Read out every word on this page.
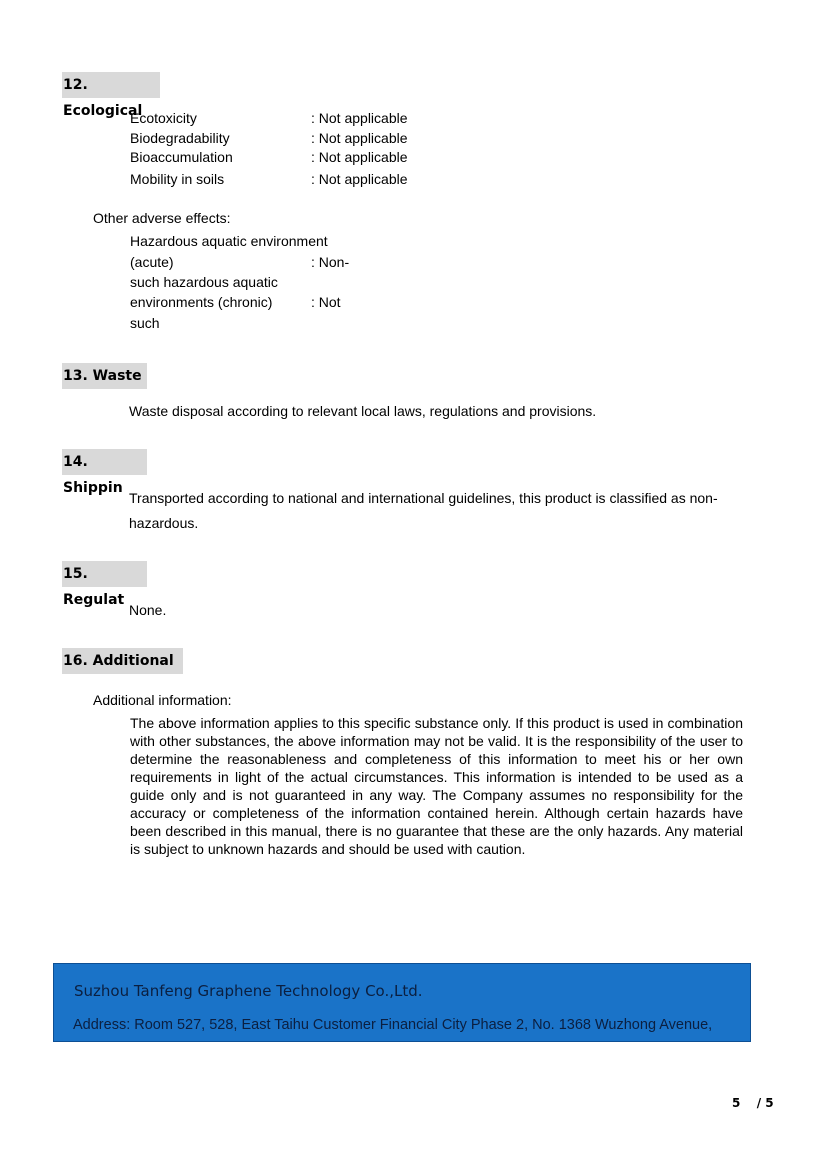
12. Ecological
Ecotoxicity	: Not applicable
Biodegradability	: Not applicable
Bioaccumulation	: Not applicable
Mobility in soils	: Not applicable
Other adverse effects:
Hazardous aquatic environment
(acute)	: Non-
such hazardous aquatic
environments (chronic)	: Not
such
13. Waste
Waste disposal according to relevant local laws, regulations and provisions.
14. Shippin
Transported according to national and international guidelines, this product is classified as non-
hazardous.
15. Regulat
None.
16. Additional
Additional information:
The above information applies to this specific substance only. If this product is used in combination with other substances, the above information may not be valid. It is the responsibility of the user to determine the reasonableness and completeness of this information to meet his or her own requirements in light of the actual circumstances. This information is intended to be used as a guide only and is not guaranteed in any way. The Company assumes no responsibility for the accuracy or completeness of the information contained herein. Although certain hazards have been described in this manual, there is no guarantee that these are the only hazards. Any material is subject to unknown hazards and should be used with caution.
Suzhou Tanfeng Graphene Technology Co.,Ltd.
Address: Room 527, 528, East Taihu Customer Financial City Phase 2, No. 1368 Wuzhong Avenue,
5 / 5
